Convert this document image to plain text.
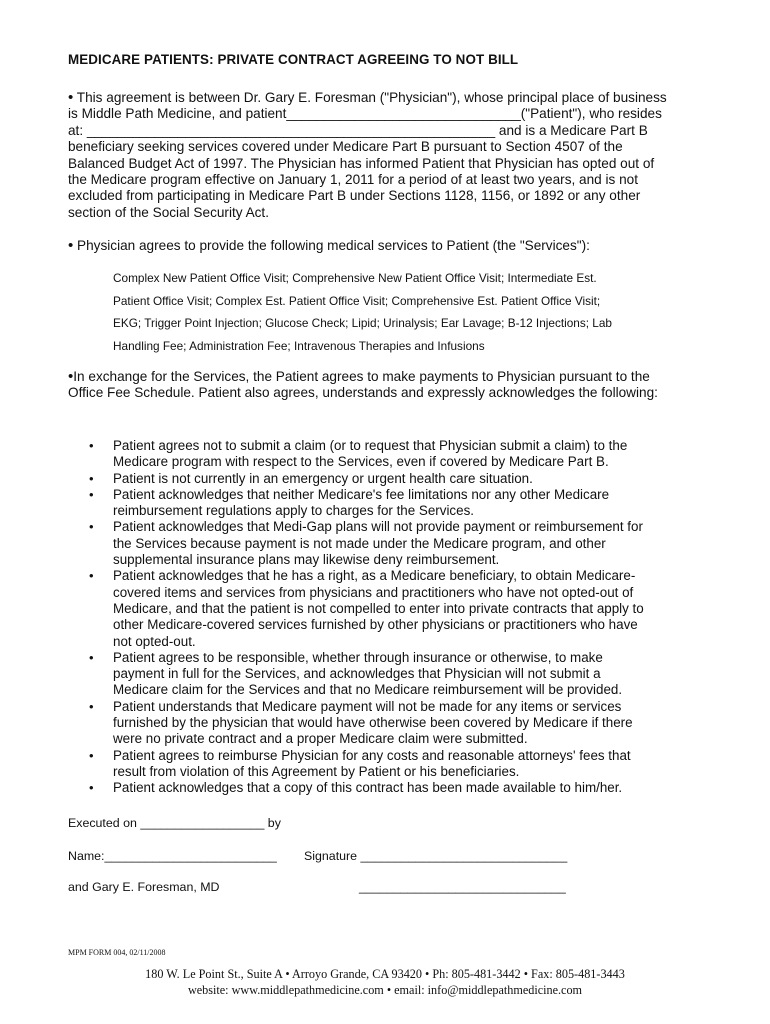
MEDICARE PATIENTS: PRIVATE CONTRACT AGREEING TO NOT BILL

• This agreement is between Dr. Gary E. Foresman ("Physician"), whose principal place of business is Middle Path Medicine, and patient_______________________________("Patient"), who resides at: ______________________________________________________ and is a Medicare Part B beneficiary seeking services covered under Medicare Part B pursuant to Section 4507 of the Balanced Budget Act of 1997. The Physician has informed Patient that Physician has opted out of the Medicare program effective on January 1, 2011 for a period of at least two years, and is not excluded from participating in Medicare Part B under Sections 1128, 1156, or 1892 or any other section of the Social Security Act.

• Physician agrees to provide the following medical services to Patient (the "Services"):

Complex New Patient Office Visit; Comprehensive New Patient Office Visit; Intermediate Est.

Patient Office Visit; Complex Est. Patient Office Visit; Comprehensive Est. Patient Office Visit;

EKG; Trigger Point Injection; Glucose Check; Lipid; Urinalysis; Ear Lavage; B-12 Injections; Lab

Handling Fee; Administration Fee; Intravenous Therapies and Infusions

•In exchange for the Services, the Patient agrees to make payments to Physician pursuant to the Office Fee Schedule. Patient also agrees, understands and expressly acknowledges the following:

• Patient agrees not to submit a claim (or to request that Physician submit a claim) to the Medicare program with respect to the Services, even if covered by Medicare Part B.
• Patient is not currently in an emergency or urgent health care situation.
• Patient acknowledges that neither Medicare's fee limitations nor any other Medicare reimbursement regulations apply to charges for the Services.
• Patient acknowledges that Medi-Gap plans will not provide payment or reimbursement for the Services because payment is not made under the Medicare program, and other supplemental insurance plans may likewise deny reimbursement.
• Patient acknowledges that he has a right, as a Medicare beneficiary, to obtain Medicare-covered items and services from physicians and practitioners who have not opted-out of Medicare, and that the patient is not compelled to enter into private contracts that apply to other Medicare-covered services furnished by other physicians or practitioners who have not opted-out.
• Patient agrees to be responsible, whether through insurance or otherwise, to make payment in full for the Services, and acknowledges that Physician will not submit a Medicare claim for the Services and that no Medicare reimbursement will be provided.
• Patient understands that Medicare payment will not be made for any items or services furnished by the physician that would have otherwise been covered by Medicare if there were no private contract and a proper Medicare claim were submitted.
• Patient agrees to reimburse Physician for any costs and reasonable attorneys' fees that result from violation of this Agreement by Patient or his beneficiaries.
• Patient acknowledges that a copy of this contract has been made available to him/her.

Executed on __________________ by

Name:_________________________ Signature ______________________________

and Gary E. Foresman, MD	______________________________

MPM FORM 004, 02/11/2008
180 W. Le Point St., Suite A • Arroyo Grande, CA 93420 • Ph: 805-481-3442 • Fax: 805-481-3443
website: www.middlepathmedicine.com • email: info@middlepathmedicine.com
